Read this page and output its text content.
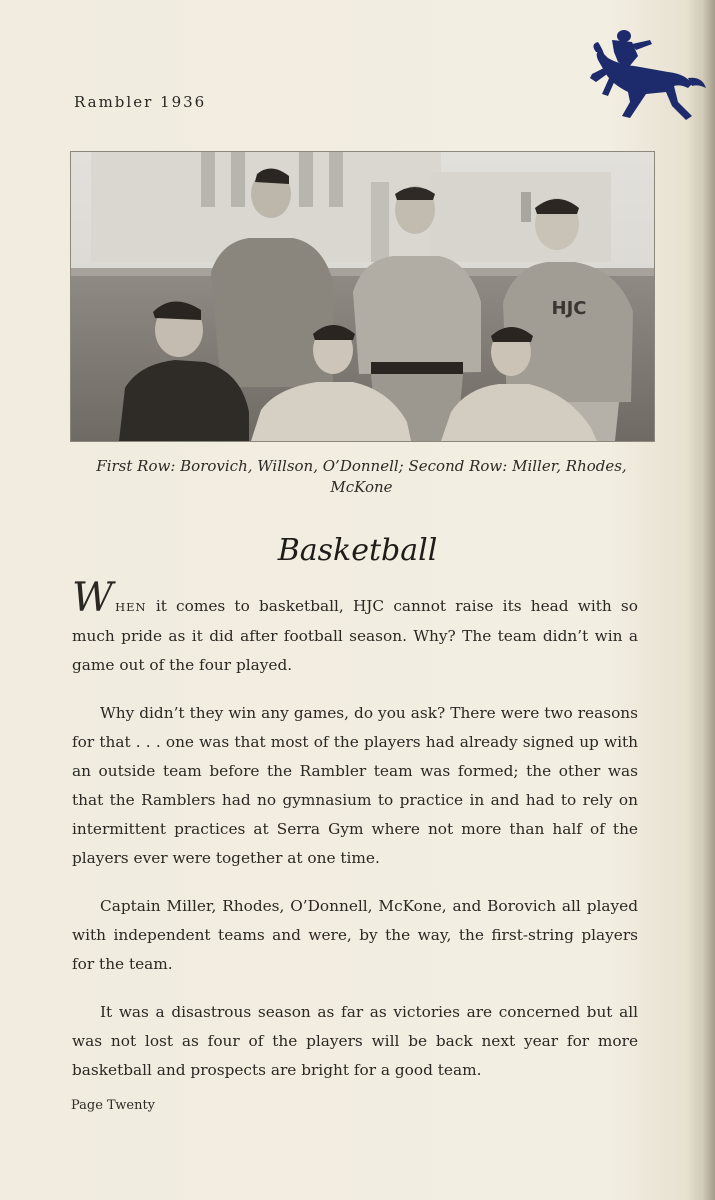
Rambler 1936
HJC
First Row: Borovich, Willson, O’Donnell; Second Row: Miller, Rhodes, McKone
Basketball

WHEN it comes to basketball, HJC cannot raise its head with so much pride as it did after football season. Why? The team didn’t win a game out of the four played.

Why didn’t they win any games, do you ask? There were two reasons for that . . . one was that most of the players had already signed up with an outside team before the Rambler team was formed; the other was that the Ramblers had no gymnasium to practice in and had to rely on intermittent practices at Serra Gym where not more than half of the players ever were together at one time.

Captain Miller, Rhodes, O’Donnell, McKone, and Borovich all played with independent teams and were, by the way, the first-string players for the team.

It was a disastrous season as far as victories are concerned but all was not lost as four of the players will be back next year for more basketball and prospects are bright for a good team.

Page Twenty
